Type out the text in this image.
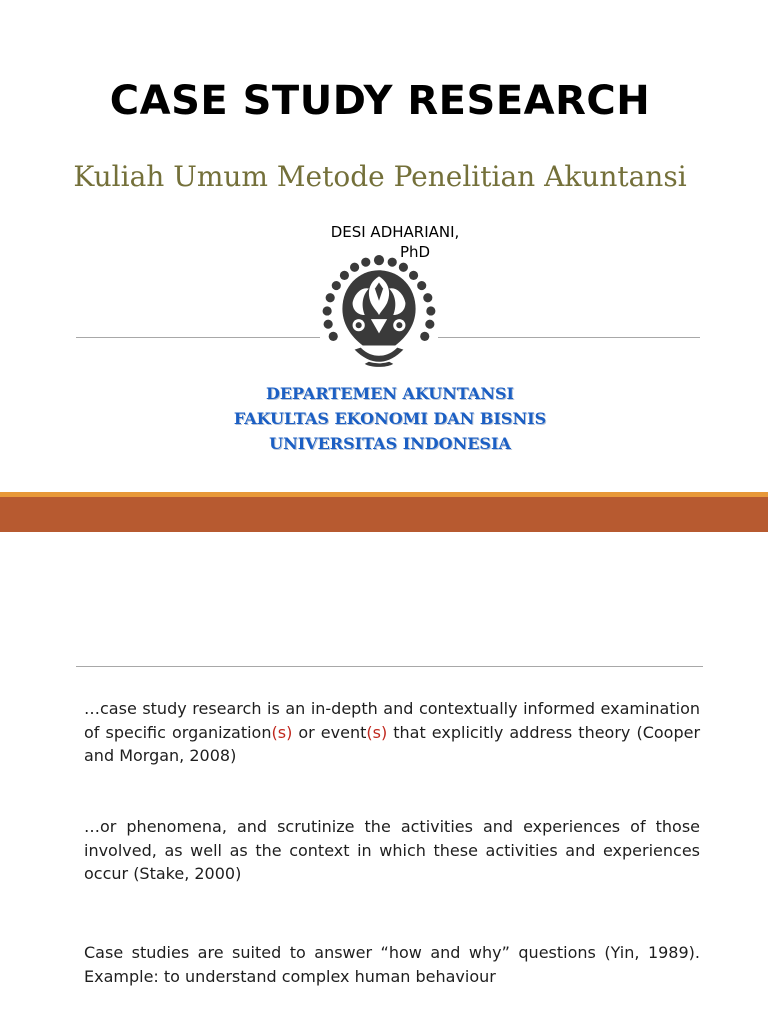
CASE STUDY RESEARCH
Kuliah Umum Metode Penelitian Akuntansi
DESI ADHARIANI,
PhD
DEPARTEMEN AKUNTANSI
FAKULTAS EKONOMI DAN BISNIS
UNIVERSITAS INDONESIA
…case study research is an in-depth and contextually informed examination of specific organization(s) or event(s) that explicitly address theory (Cooper and Morgan, 2008)
…or phenomena, and scrutinize the activities and experiences of those involved, as well as the context in which these activities and experiences occur (Stake, 2000)
Case studies are suited to answer “how and why” questions (Yin, 1989). Example: to understand complex human behaviour
